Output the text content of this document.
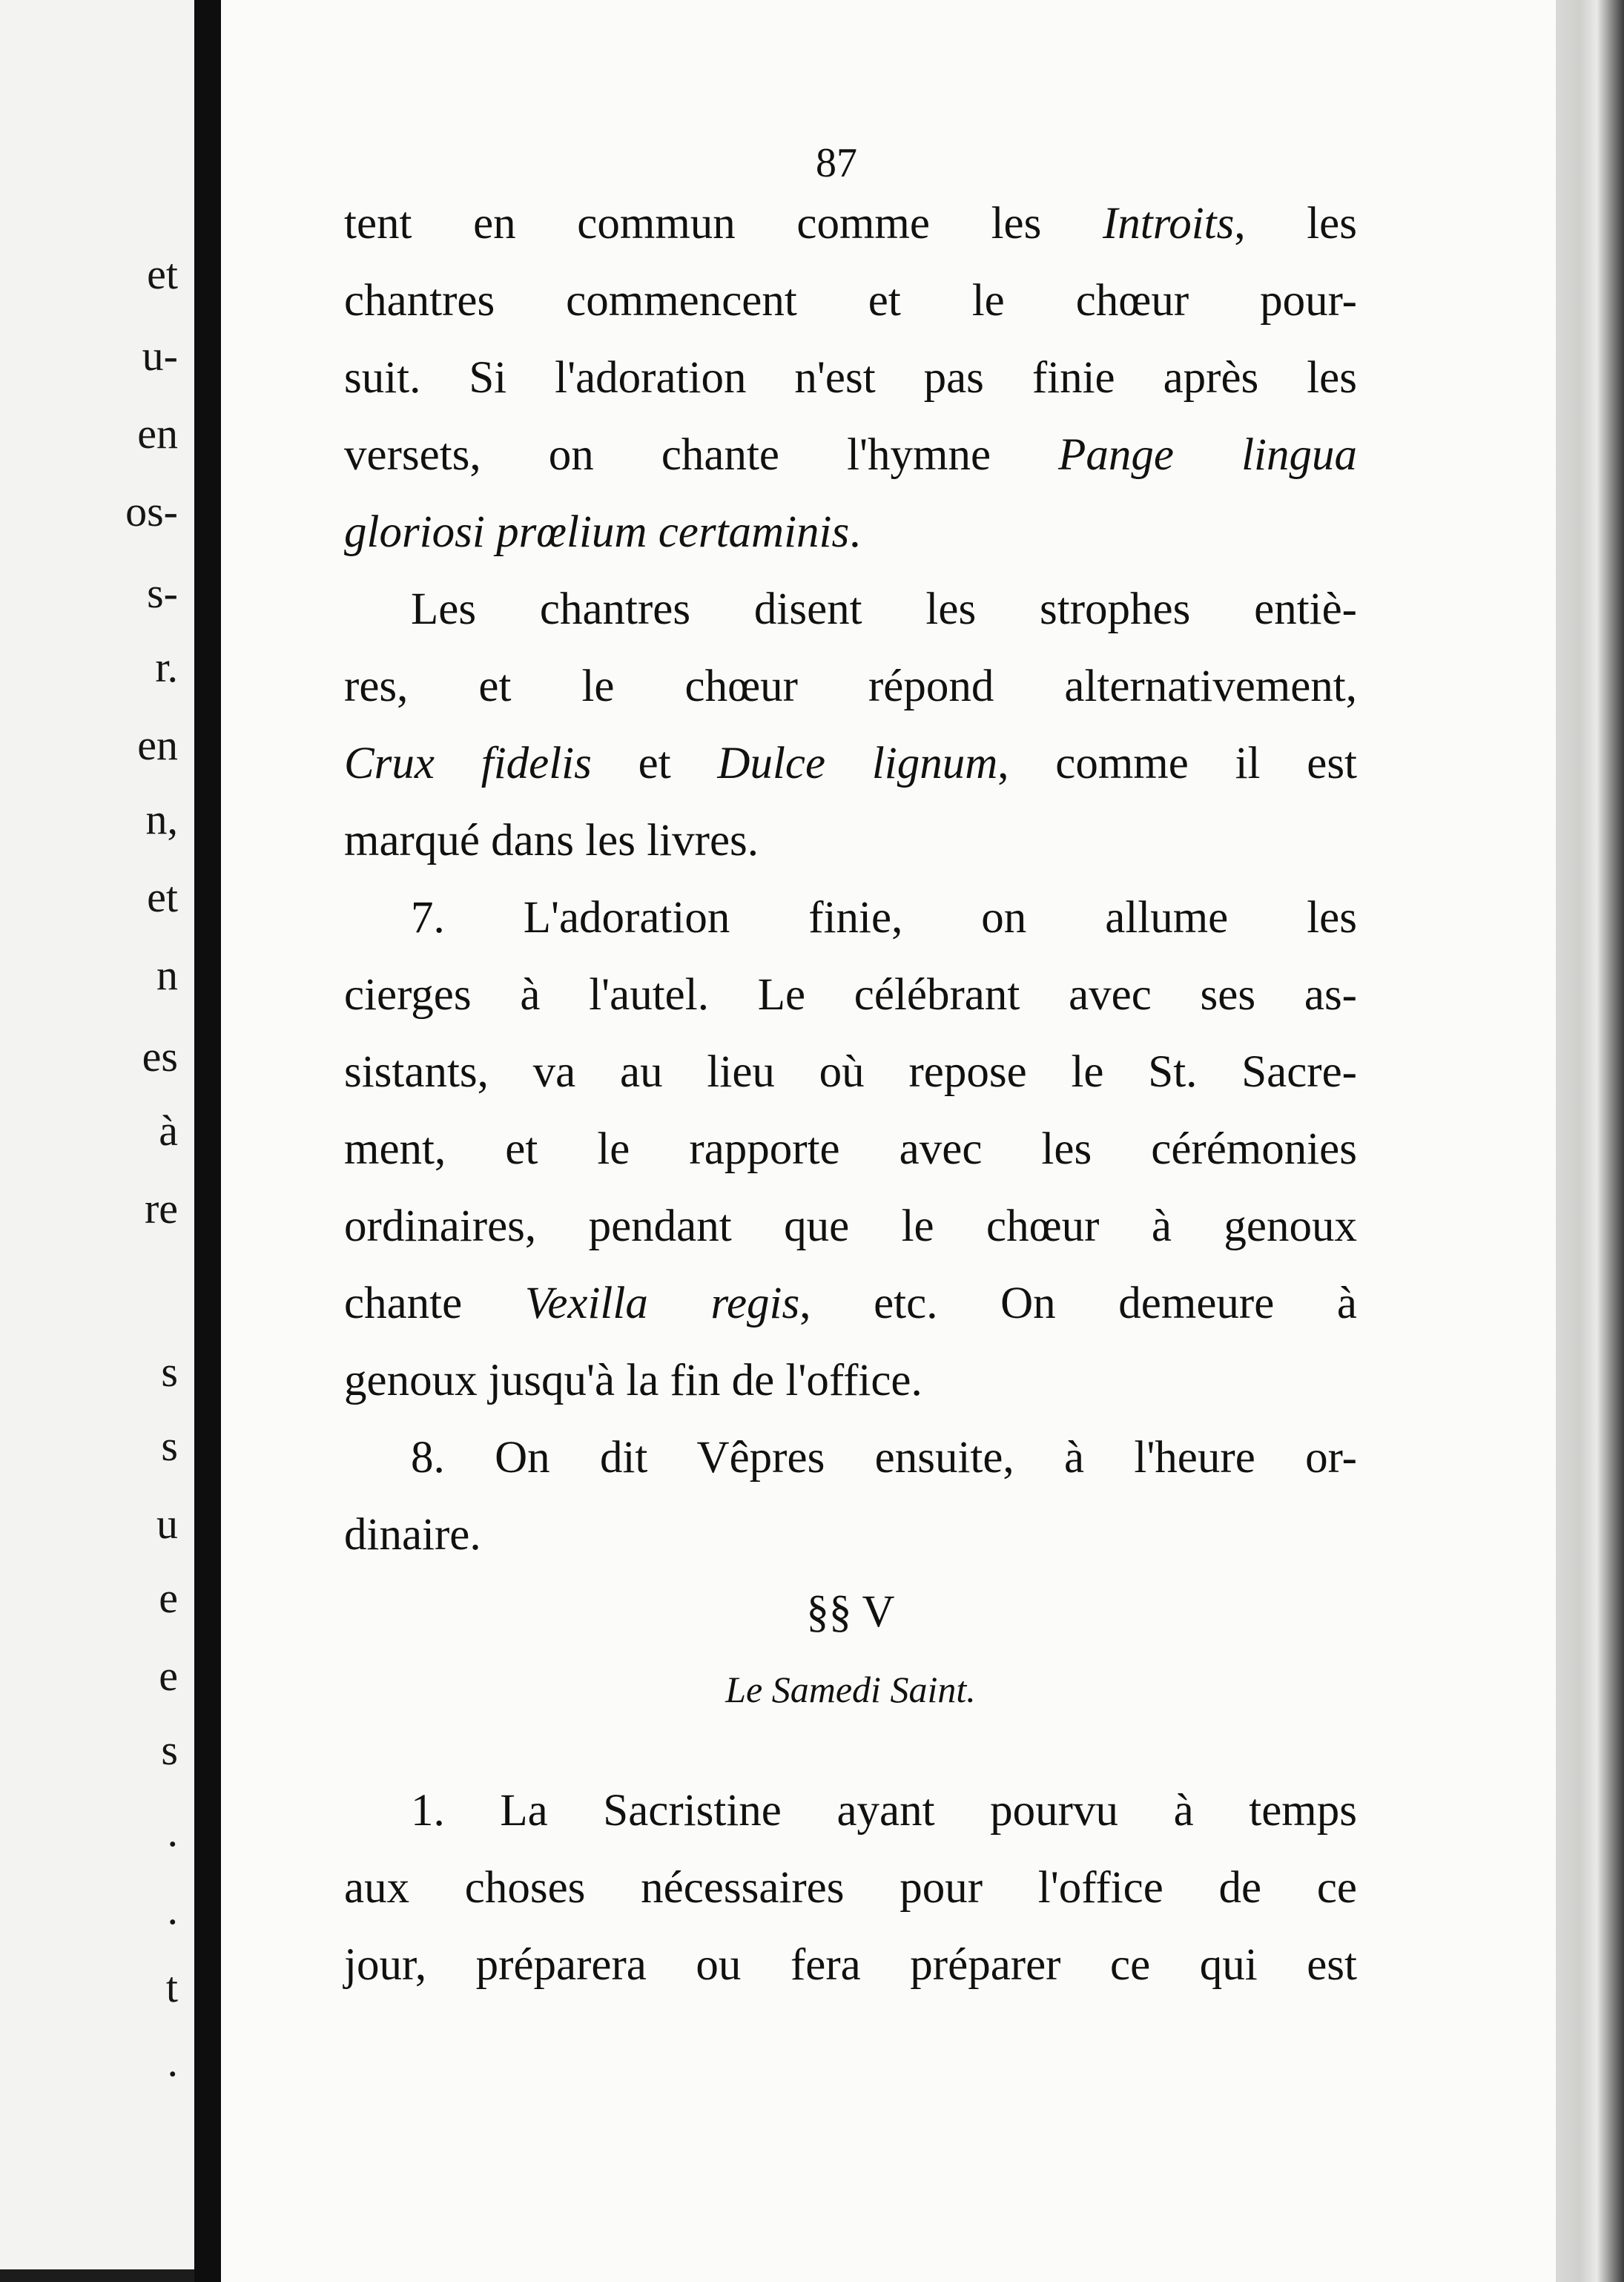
et
u-
en
os-
s-
r.
en
n,
et
n
es
à
re
s
s
u
e
e
s
.
.
t
.
87
tent en commun comme les Introits, les
chantres commencent et le chœur pour-
suit. Si l'adoration n'est pas finie après les
versets, on chante l'hymne Pange lingua
gloriosi prœlium certaminis.
Les chantres disent les strophes entiè-
res, et le chœur répond alternativement,
Crux fidelis et Dulce lignum, comme il est
marqué dans les livres.
7. L'adoration finie, on allume les
cierges à l'autel. Le célébrant avec ses as-
sistants, va au lieu où repose le St. Sacre-
ment, et le rapporte avec les cérémonies
ordinaires, pendant que le chœur à genoux
chante Vexilla regis, etc. On demeure à
genoux jusqu'à la fin de l'office.
8. On dit Vêpres ensuite, à l'heure or-
dinaire.
§§ V
Le Samedi Saint.
1. La Sacristine ayant pourvu à temps
aux choses nécessaires pour l'office de ce
jour, préparera ou fera préparer ce qui est
